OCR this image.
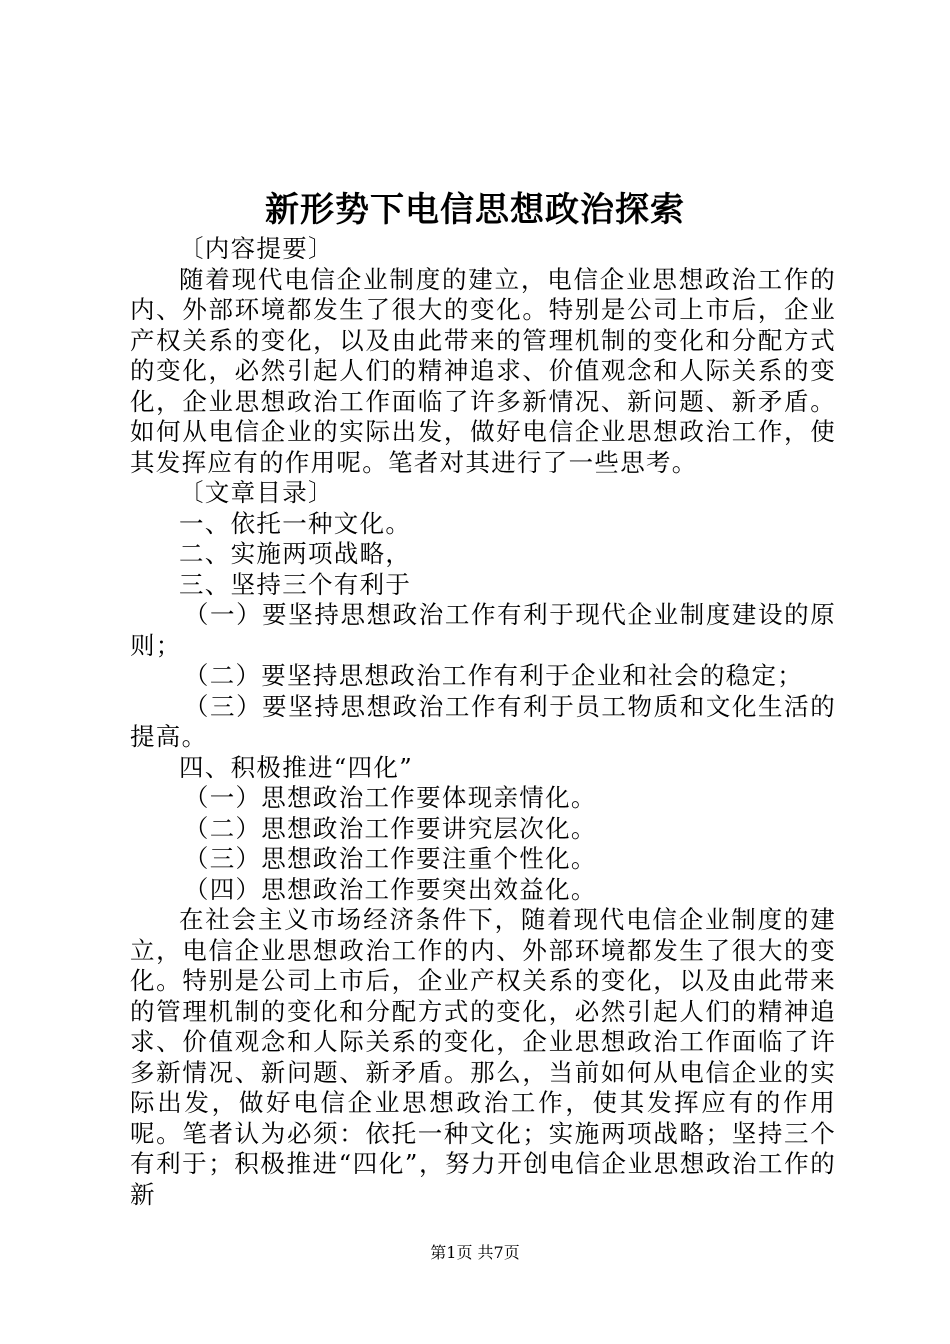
新形势下电信思想政治探索

〔内容提要〕

随着现代电信企业制度的建立，电信企业思想政治工作的内、外部环境都发生了很大的变化。特别是公司上市后，企业产权关系的变化，以及由此带来的管理机制的变化和分配方式的变化，必然引起人们的精神追求、价值观念和人际关系的变化，企业思想政治工作面临了许多新情况、新问题、新矛盾。如何从电信企业的实际出发，做好电信企业思想政治工作，使其发挥应有的作用呢。笔者对其进行了一些思考。

〔文章目录〕

一、依托一种文化。

二、实施两项战略，

三、坚持三个有利于

（一）要坚持思想政治工作有利于现代企业制度建设的原则；

（二）要坚持思想政治工作有利于企业和社会的稳定；

（三）要坚持思想政治工作有利于员工物质和文化生活的提高。

四、积极推进“四化”

（一）思想政治工作要体现亲情化。

（二）思想政治工作要讲究层次化。

（三）思想政治工作要注重个性化。

（四）思想政治工作要突出效益化。

在社会主义市场经济条件下，随着现代电信企业制度的建立，电信企业思想政治工作的内、外部环境都发生了很大的变化。特别是公司上市后，企业产权关系的变化，以及由此带来的管理机制的变化和分配方式的变化，必然引起人们的精神追求、价值观念和人际关系的变化，企业思想政治工作面临了许多新情况、新问题、新矛盾。那么，当前如何从电信企业的实际出发，做好电信企业思想政治工作，使其发挥应有的作用呢。笔者认为必须：依托一种文化；实施两项战略；坚持三个有利于；积极推进“四化”，努力开创电信企业思想政治工作的新

第1页 共7页
